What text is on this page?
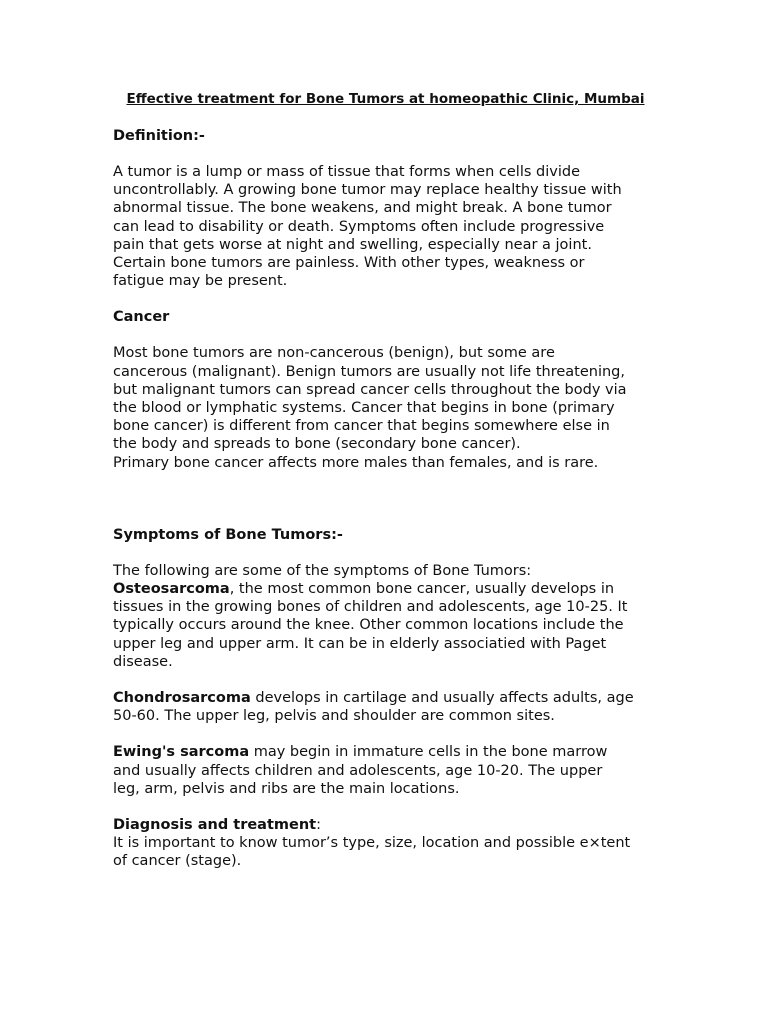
Effective treatment for Bone Tumors at homeopathic Clinic, Mumbai
Definition:-

A tumor is a lump or mass of tissue that forms when cells divide
uncontrollably. A growing bone tumor may replace healthy tissue with
abnormal tissue. The bone weakens, and might break. A bone tumor
can lead to disability or death. Symptoms often include progressive
pain that gets worse at night and swelling, especially near a joint.
Certain bone tumors are painless. With other types, weakness or
fatigue may be present.

Cancer

Most bone tumors are non-cancerous (benign), but some are
cancerous (malignant). Benign tumors are usually not life threatening,
but malignant tumors can spread cancer cells throughout the body via
the blood or lymphatic systems. Cancer that begins in bone (primary
bone cancer) is different from cancer that begins somewhere else in
the body and spreads to bone (secondary bone cancer).
Primary bone cancer affects more males than females, and is rare.

Symptoms of Bone Tumors:-

The following are some of the symptoms of Bone Tumors:
Osteosarcoma, the most common bone cancer, usually develops in
tissues in the growing bones of children and adolescents, age 10-25. It
typically occurs around the knee. Other common locations include the
upper leg and upper arm. It can be in elderly associatied with Paget
disease.

Chondrosarcoma develops in cartilage and usually affects adults, age
50-60. The upper leg, pelvis and shoulder are common sites.

Ewing's sarcoma may begin in immature cells in the bone marrow
and usually affects children and adolescents, age 10-20. The upper
leg, arm, pelvis and ribs are the main locations.

Diagnosis and treatment:
It is important to know tumor’s type, size, location and possible e×tent
of cancer (stage).
